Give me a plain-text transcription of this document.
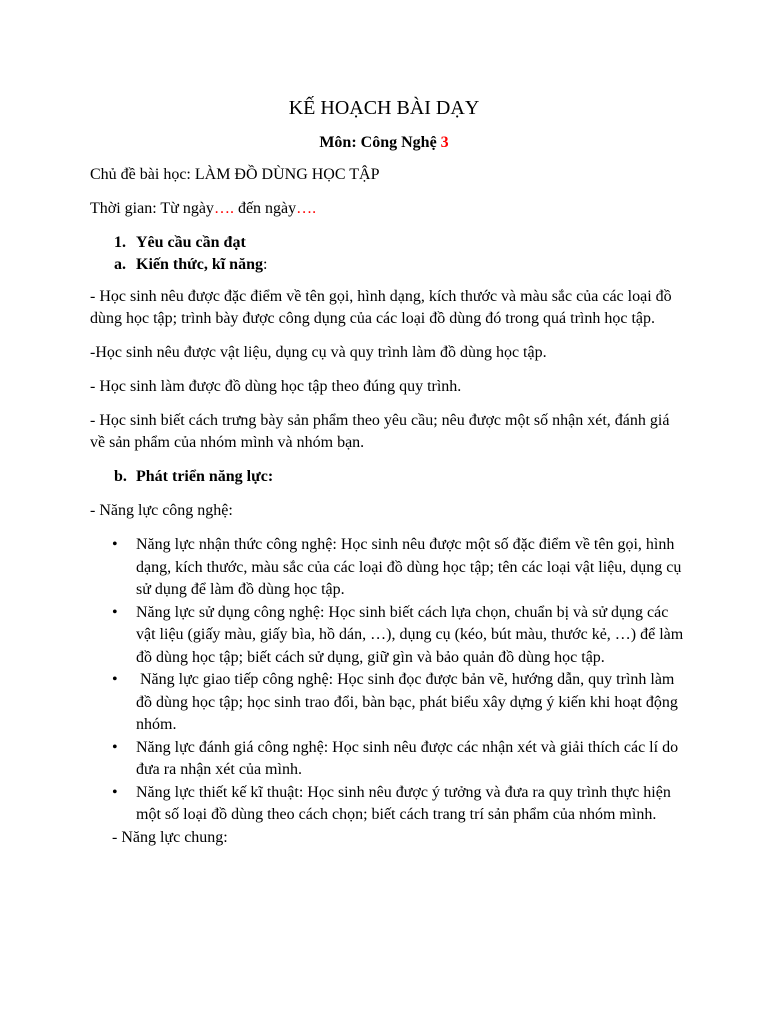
KẾ HOẠCH BÀI DẠY
Môn: Công Nghệ 3

Chủ đề bài học: LÀM ĐỒ DÙNG HỌC TẬP

Thời gian: Từ ngày…. đến ngày….

1. Yêu cầu cần đạt
a. Kiến thức, kĩ năng:

- Học sinh nêu được đặc điểm về tên gọi, hình dạng, kích thước và màu sắc của các loại đồ dùng học tập; trình bày được công dụng của các loại đồ dùng đó trong quá trình học tập.

-Học sinh nêu được vật liệu, dụng cụ và quy trình làm đồ dùng học tập.

- Học sinh làm được đồ dùng học tập theo đúng quy trình.

- Học sinh biết cách trưng bày sản phẩm theo yêu cầu; nêu được một số nhận xét, đánh giá về sản phẩm của nhóm mình và nhóm bạn.

b. Phát triển năng lực:

- Năng lực công nghệ:

• Năng lực nhận thức công nghệ: Học sinh nêu được một số đặc điểm về tên gọi, hình dạng, kích thước, màu sắc của các loại đồ dùng học tập; tên các loại vật liệu, dụng cụ sử dụng để làm đồ dùng học tập.
• Năng lực sử dụng công nghệ: Học sinh biết cách lựa chọn, chuẩn bị và sử dụng các vật liệu (giấy màu, giấy bìa, hồ dán, …), dụng cụ (kéo, bút màu, thước kẻ, …) để làm đồ dùng học tập; biết cách sử dụng, giữ gìn và bảo quản đồ dùng học tập.
• Năng lực giao tiếp công nghệ: Học sinh đọc được bản vẽ, hướng dẫn, quy trình làm đồ dùng học tập; học sinh trao đổi, bàn bạc, phát biểu xây dựng ý kiến khi hoạt động nhóm.
• Năng lực đánh giá công nghệ: Học sinh nêu được các nhận xét và giải thích các lí do đưa ra nhận xét của mình.
• Năng lực thiết kế kĩ thuật: Học sinh nêu được ý tưởng và đưa ra quy trình thực hiện một số loại đồ dùng theo cách chọn; biết cách trang trí sản phẩm của nhóm mình.

- Năng lực chung:
